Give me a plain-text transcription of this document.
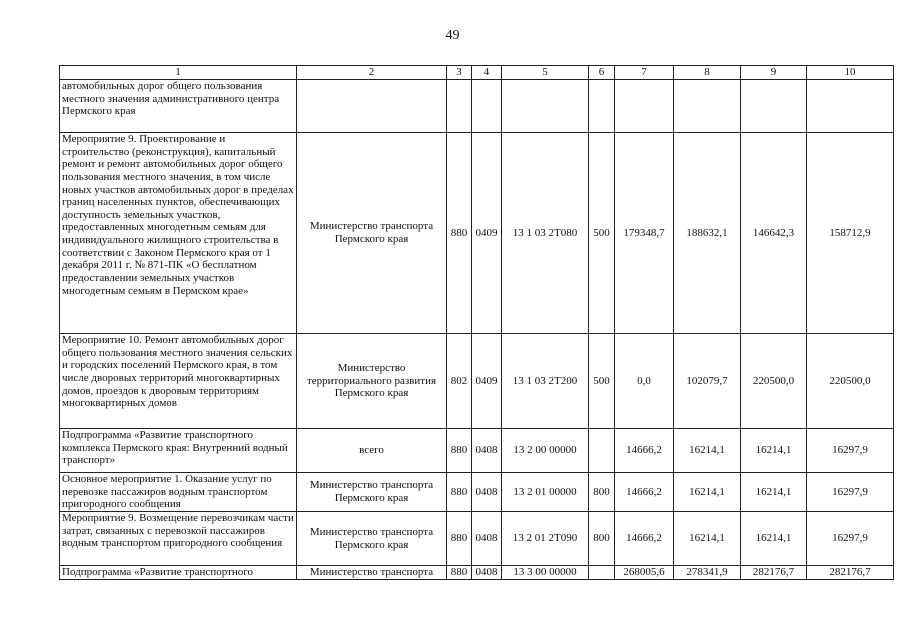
49
1	2	3	4	5	6	7	8	9	10
автомобильных дорог общего пользования местного значения административного центра Пермского края									
Мероприятие 9. Проектирование и строительство (реконструкция), капитальный ремонт и ремонт автомобильных дорог общего пользования местного значения, в том числе новых участков автомобильных дорог в пределах границ населенных пунктов, обеспечивающих доступность земельных участков, предоставленных многодетным семьям для индивидуального жилищного строительства в соответствии с Законом Пермского края от 1 декабря 2011 г. № 871-ПК «О бесплатном предоставлении земельных участков многодетным семьям в Пермском крае»	Министерство транспорта Пермского края	880	0409	13 1 03 2Т080	500	179348,7	188632,1	146642,3	158712,9
Мероприятие 10. Ремонт автомобильных дорог общего пользования местного значения сельских и городских поселений Пермского края, в том числе дворовых территорий многоквартирных домов, проездов к дворовым территориям многоквартирных домов	Министерство территориального развития Пермского края	802	0409	13 1 03 2Т200	500	0,0	102079,7	220500,0	220500,0
Подпрограмма «Развитие транспортного комплекса Пермского края: Внутренний водный транспорт»	всего	880	0408	13 2 00 00000		14666,2	16214,1	16214,1	16297,9
Основное мероприятие 1. Оказание услуг по перевозке пассажиров водным транспортом пригородного сообщения	Министерство транспорта Пермского края	880	0408	13 2 01 00000	800	14666,2	16214,1	16214,1	16297,9
Мероприятие 9. Возмещение перевозчикам части затрат, связанных с перевозкой пассажиров водным транспортом пригородного сообщения	Министерство транспорта Пермского края	880	0408	13 2 01 2Т090	800	14666,2	16214,1	16214,1	16297,9
Подпрограмма «Развитие транспортного	Министерство транспорта	880	0408	13 3 00 00000		268005,6	278341,9	282176,7	282176,7
